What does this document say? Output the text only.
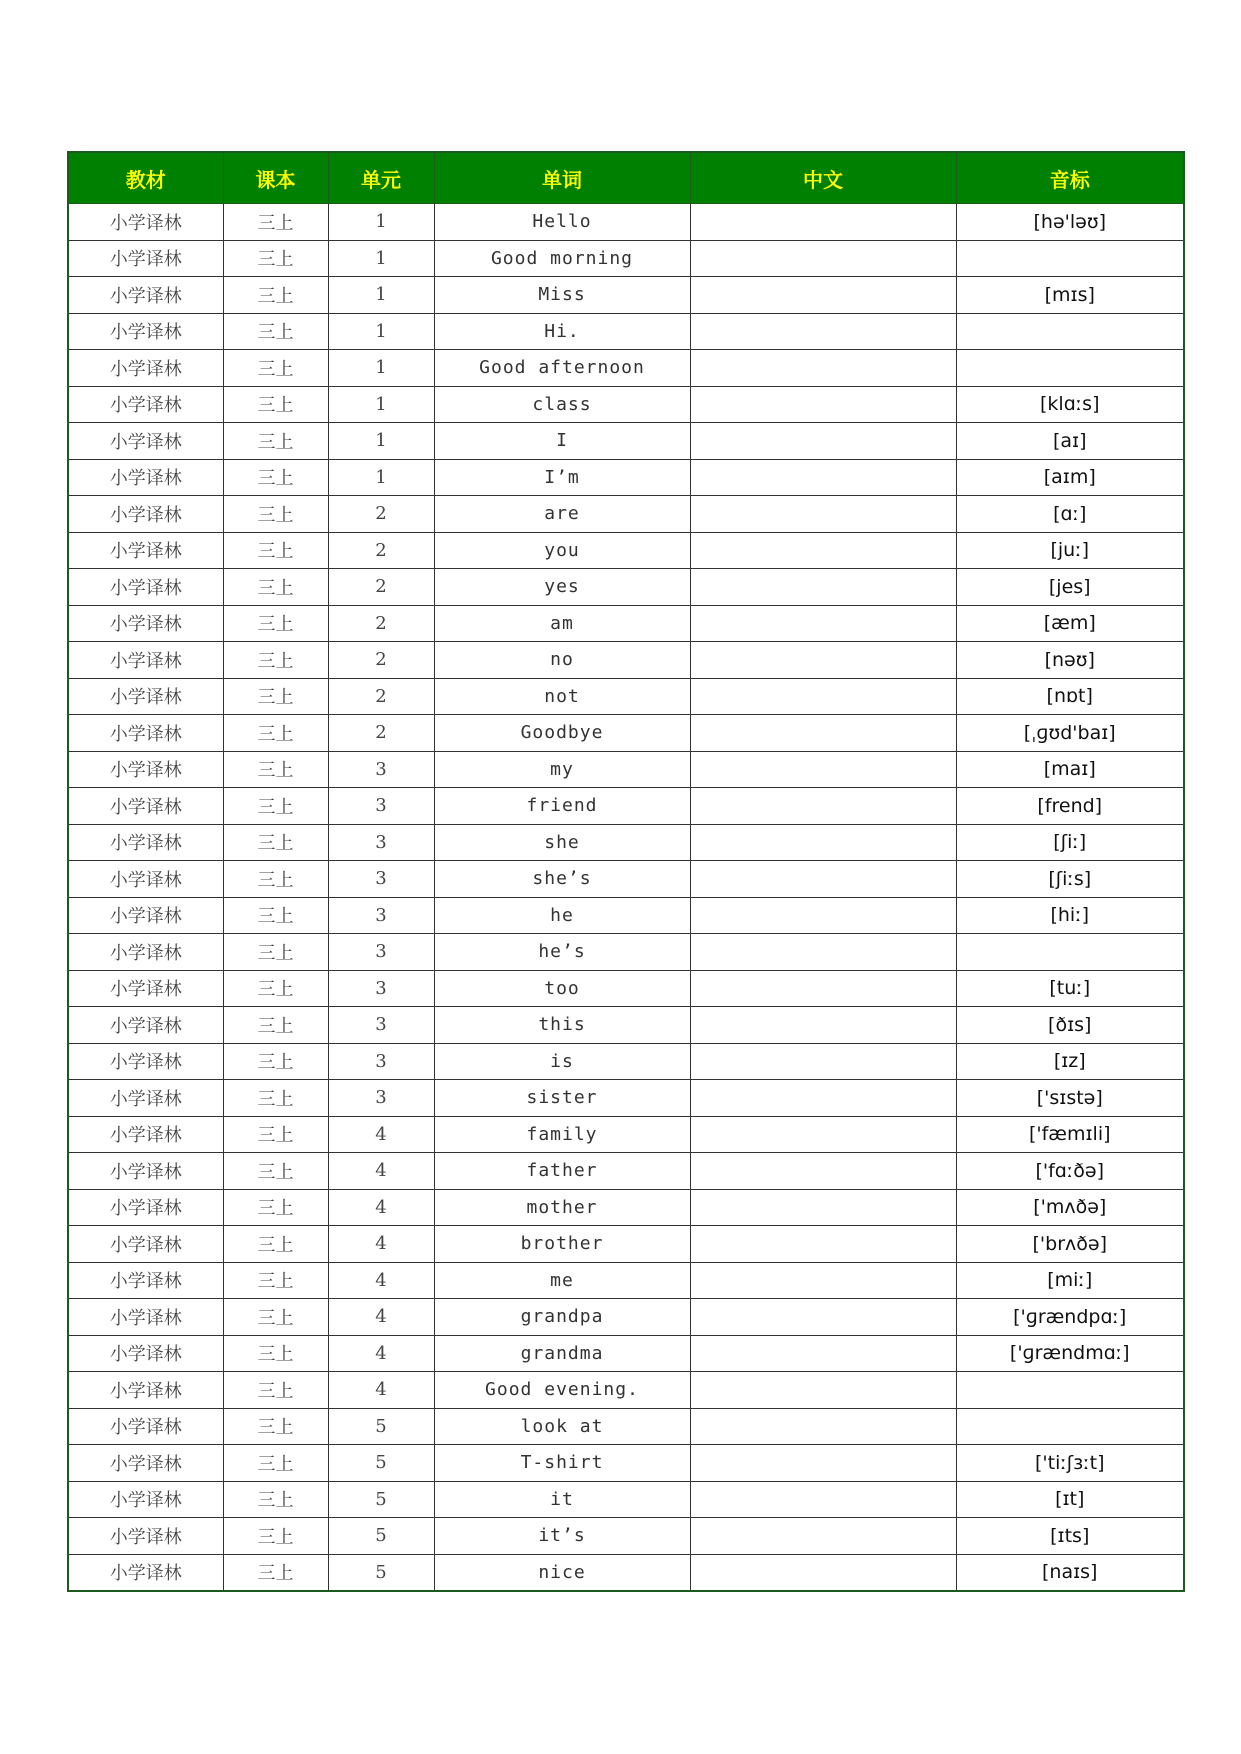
教材	课本	单元	单词	中文	音标
小学译林	三上	1	Hello		[hə'ləʊ]
小学译林	三上	1	Good morning		
小学译林	三上	1	Miss		[mɪs]
小学译林	三上	1	Hi.		
小学译林	三上	1	Good afternoon		
小学译林	三上	1	class		[klɑːs]
小学译林	三上	1	I		[aɪ]
小学译林	三上	1	I’m		[aɪm]
小学译林	三上	2	are		[ɑː]
小学译林	三上	2	you		[juː]
小学译林	三上	2	yes		[jes]
小学译林	三上	2	am		[æm]
小学译林	三上	2	no		[nəʊ]
小学译林	三上	2	not		[nɒt]
小学译林	三上	2	Goodbye		[ˌɡʊd'baɪ]
小学译林	三上	3	my		[maɪ]
小学译林	三上	3	friend		[frend]
小学译林	三上	3	she		[ʃiː]
小学译林	三上	3	she’s		[ʃiːs]
小学译林	三上	3	he		[hiː]
小学译林	三上	3	he’s		
小学译林	三上	3	too		[tuː]
小学译林	三上	3	this		[ðɪs]
小学译林	三上	3	is		[ɪz]
小学译林	三上	3	sister		['sɪstə]
小学译林	三上	4	family		['fæmɪli]
小学译林	三上	4	father		['fɑːðə]
小学译林	三上	4	mother		['mʌðə]
小学译林	三上	4	brother		['brʌðə]
小学译林	三上	4	me		[miː]
小学译林	三上	4	grandpa		['ɡrændpɑː]
小学译林	三上	4	grandma		['ɡrændmɑː]
小学译林	三上	4	Good evening.		
小学译林	三上	5	look at		
小学译林	三上	5	T-shirt		['tiːʃɜːt]
小学译林	三上	5	it		[ɪt]
小学译林	三上	5	it’s		[ɪts]
小学译林	三上	5	nice		[naɪs]
